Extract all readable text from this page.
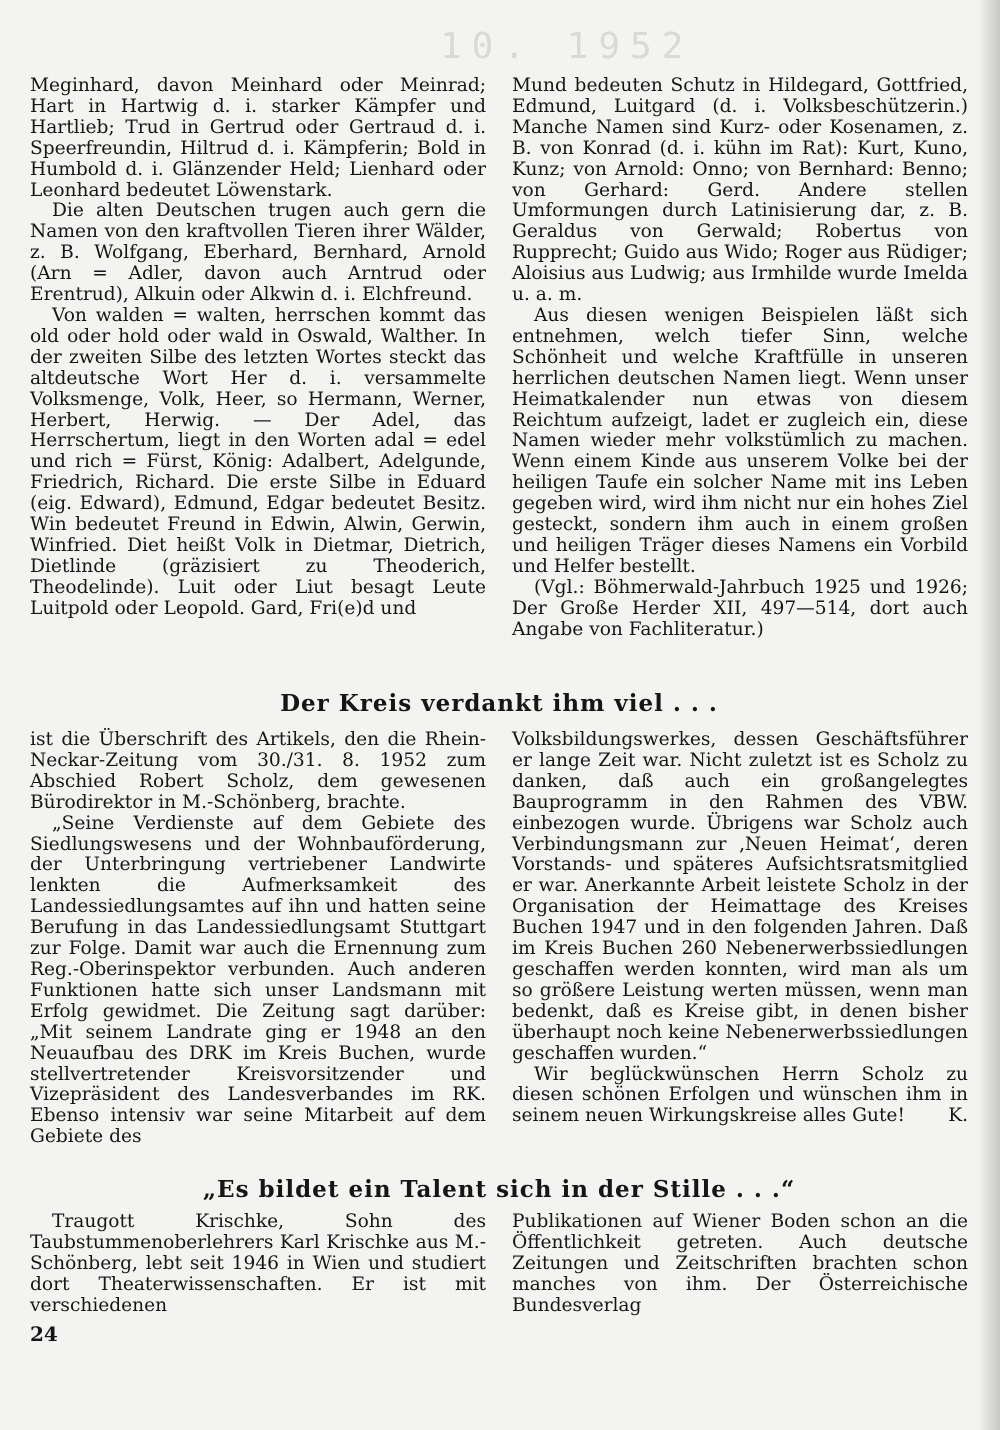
10. 1952

Meginhard, davon Meinhard oder Meinrad; Hart in Hartwig d. i. starker Kämpfer und Hartlieb; Trud in Gertrud oder Gertraud d. i. Speerfreundin, Hiltrud d. i. Kämpferin; Bold in Humbold d. i. Glänzender Held; Lienhard oder Leonhard bedeutet Löwenstark.

Die alten Deutschen trugen auch gern die Namen von den kraftvollen Tieren ihrer Wälder, z. B. Wolfgang, Eberhard, Bernhard, Arnold (Arn = Adler, davon auch Arntrud oder Erentrud), Alkuin oder Alkwin d. i. Elchfreund.

Von walden = walten, herrschen kommt das old oder hold oder wald in Oswald, Walther. In der zweiten Silbe des letzten Wortes steckt das altdeutsche Wort Her d. i. versammelte Volksmenge, Volk, Heer, so Hermann, Werner, Herbert, Herwig. — Der Adel, das Herrschertum, liegt in den Worten adal = edel und rich = Fürst, König: Adalbert, Adelgunde, Friedrich, Richard. Die erste Silbe in Eduard (eig. Edward), Edmund, Edgar bedeutet Besitz. Win bedeutet Freund in Edwin, Alwin, Gerwin, Winfried. Diet heißt Volk in Dietmar, Dietrich, Dietlinde (gräzisiert zu Theoderich, Theodelinde). Luit oder Liut besagt Leute Luitpold oder Leopold. Gard, Fri(e)d und

Mund bedeuten Schutz in Hildegard, Gottfried, Edmund, Luitgard (d. i. Volksbeschützerin.) Manche Namen sind Kurz- oder Kosenamen, z. B. von Konrad (d. i. kühn im Rat): Kurt, Kuno, Kunz; von Arnold: Onno; von Bernhard: Benno; von Gerhard: Gerd. Andere stellen Umformungen durch Latinisierung dar, z. B. Geraldus von Gerwald; Robertus von Rupprecht; Guido aus Wido; Roger aus Rüdiger; Aloisius aus Ludwig; aus Irmhilde wurde Imelda u. a. m.

Aus diesen wenigen Beispielen läßt sich entnehmen, welch tiefer Sinn, welche Schönheit und welche Kraftfülle in unseren herrlichen deutschen Namen liegt. Wenn unser Heimatkalender nun etwas von diesem Reichtum aufzeigt, ladet er zugleich ein, diese Namen wieder mehr volkstümlich zu machen. Wenn einem Kinde aus unserem Volke bei der heiligen Taufe ein solcher Name mit ins Leben gegeben wird, wird ihm nicht nur ein hohes Ziel gesteckt, sondern ihm auch in einem großen und heiligen Träger dieses Namens ein Vorbild und Helfer bestellt.

(Vgl.: Böhmerwald-Jahrbuch 1925 und 1926; Der Große Herder XII, 497—514, dort auch Angabe von Fachliteratur.)

Der Kreis verdankt ihm viel . . .

ist die Überschrift des Artikels, den die Rhein-Neckar-Zeitung vom 30./31. 8. 1952 zum Abschied Robert Scholz, dem gewesenen Bürodirektor in M.-Schönberg, brachte.

„Seine Verdienste auf dem Gebiete des Siedlungswesens und der Wohnbauförderung, der Unterbringung vertriebener Landwirte lenkten die Aufmerksamkeit des Landessiedlungsamtes auf ihn und hatten seine Berufung in das Landessiedlungsamt Stuttgart zur Folge. Damit war auch die Ernennung zum Reg.-Oberinspektor verbunden. Auch anderen Funktionen hatte sich unser Landsmann mit Erfolg gewidmet. Die Zeitung sagt darüber: „Mit seinem Landrate ging er 1948 an den Neuaufbau des DRK im Kreis Buchen, wurde stellvertretender Kreisvorsitzender und Vizepräsident des Landesverbandes im RK. Ebenso intensiv war seine Mitarbeit auf dem Gebiete des

Volksbildungswerkes, dessen Geschäftsführer er lange Zeit war. Nicht zuletzt ist es Scholz zu danken, daß auch ein großangelegtes Bauprogramm in den Rahmen des VBW. einbezogen wurde. Übrigens war Scholz auch Verbindungsmann zur ‚Neuen Heimat‘, deren Vorstands- und späteres Aufsichtsratsmitglied er war. Anerkannte Arbeit leistete Scholz in der Organisation der Heimattage des Kreises Buchen 1947 und in den folgenden Jahren. Daß im Kreis Buchen 260 Nebenerwerbssiedlungen geschaffen werden konnten, wird man als um so größere Leistung werten müssen, wenn man bedenkt, daß es Kreise gibt, in denen bisher überhaupt noch keine Nebenerwerbssiedlungen geschaffen wurden.“

Wir beglückwünschen Herrn Scholz zu diesen schönen Erfolgen und wünschen ihm in seinem neuen Wirkungskreise alles Gute!	K.

„Es bildet ein Talent sich in der Stille . . .“

Traugott Krischke, Sohn des Taubstummenoberlehrers Karl Krischke aus M.-Schönberg, lebt seit 1946 in Wien und studiert dort Theaterwissenschaften. Er ist mit verschiedenen

Publikationen auf Wiener Boden schon an die Öffentlichkeit getreten. Auch deutsche Zeitungen und Zeitschriften brachten schon manches von ihm. Der Österreichische Bundesverlag

24
